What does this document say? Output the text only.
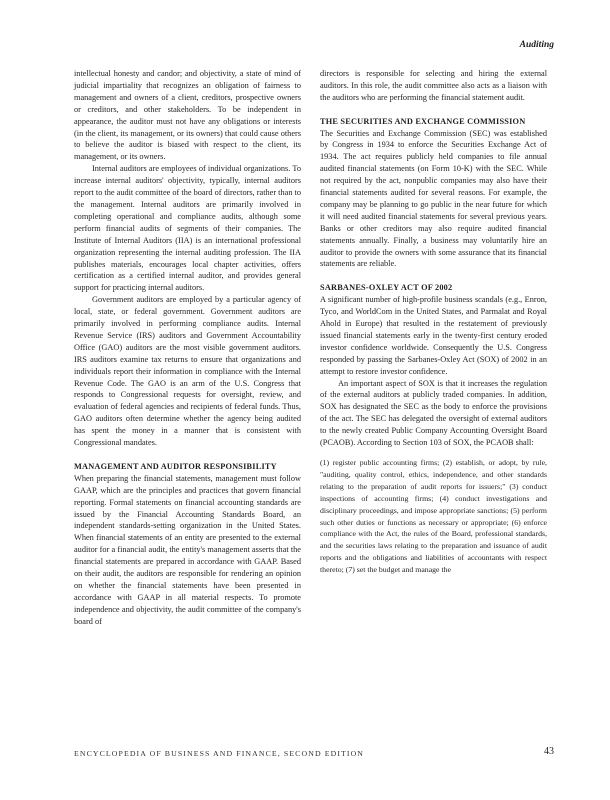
Auditing

intellectual honesty and candor; and objectivity, a state of mind of judicial impartiality that recognizes an obligation of fairness to management and owners of a client, creditors, prospective owners or creditors, and other stakeholders. To be independent in appearance, the auditor must not have any obligations or interests (in the client, its management, or its owners) that could cause others to believe the auditor is biased with respect to the client, its management, or its owners.

Internal auditors are employees of individual organizations. To increase internal auditors' objectivity, typically, internal auditors report to the audit committee of the board of directors, rather than to the management. Internal auditors are primarily involved in completing operational and compliance audits, although some perform financial audits of segments of their companies. The Institute of Internal Auditors (IIA) is an international professional organization representing the internal auditing profession. The IIA publishes materials, encourages local chapter activities, offers certification as a certified internal auditor, and provides general support for practicing internal auditors.

Government auditors are employed by a particular agency of local, state, or federal government. Government auditors are primarily involved in performing compliance audits. Internal Revenue Service (IRS) auditors and Government Accountability Office (GAO) auditors are the most visible government auditors. IRS auditors examine tax returns to ensure that organizations and individuals report their information in compliance with the Internal Revenue Code. The GAO is an arm of the U.S. Congress that responds to Congressional requests for oversight, review, and evaluation of federal agencies and recipients of federal funds. Thus, GAO auditors often determine whether the agency being audited has spent the money in a manner that is consistent with Congressional mandates.

MANAGEMENT AND AUDITOR RESPONSIBILITY

When preparing the financial statements, management must follow GAAP, which are the principles and practices that govern financial reporting. Formal statements on financial accounting standards are issued by the Financial Accounting Standards Board, an independent standards-setting organization in the United States. When financial statements of an entity are presented to the external auditor for a financial audit, the entity's management asserts that the financial statements are prepared in accordance with GAAP. Based on their audit, the auditors are responsible for rendering an opinion on whether the financial statements have been presented in accordance with GAAP in all material respects. To promote independence and objectivity, the audit committee of the company's board of

directors is responsible for selecting and hiring the external auditors. In this role, the audit committee also acts as a liaison with the auditors who are performing the financial statement audit.

THE SECURITIES AND EXCHANGE COMMISSION

The Securities and Exchange Commission (SEC) was established by Congress in 1934 to enforce the Securities Exchange Act of 1934. The act requires publicly held companies to file annual audited financial statements (on Form 10-K) with the SEC. While not required by the act, nonpublic companies may also have their financial statements audited for several reasons. For example, the company may be planning to go public in the near future for which it will need audited financial statements for several previous years. Banks or other creditors may also require audited financial statements annually. Finally, a business may voluntarily hire an auditor to provide the owners with some assurance that its financial statements are reliable.

SARBANES-OXLEY ACT OF 2002

A significant number of high-profile business scandals (e.g., Enron, Tyco, and WorldCom in the United States, and Parmalat and Royal Ahold in Europe) that resulted in the restatement of previously issued financial statements early in the twenty-first century eroded investor confidence worldwide. Consequently the U.S. Congress responded by passing the Sarbanes-Oxley Act (SOX) of 2002 in an attempt to restore investor confidence.

An important aspect of SOX is that it increases the regulation of the external auditors at publicly traded companies. In addition, SOX has designated the SEC as the body to enforce the provisions of the act. The SEC has delegated the oversight of external auditors to the newly created Public Company Accounting Oversight Board (PCAOB). According to Section 103 of SOX, the PCAOB shall:

(1) register public accounting firms; (2) establish, or adopt, by rule, "auditing, quality control, ethics, independence, and other standards relating to the preparation of audit reports for issuers;" (3) conduct inspections of accounting firms; (4) conduct investigations and disciplinary proceedings, and impose appropriate sanctions; (5) perform such other duties or functions as necessary or appropriate; (6) enforce compliance with the Act, the rules of the Board, professional standards, and the securities laws relating to the preparation and issuance of audit reports and the obligations and liabilities of accountants with respect thereto; (7) set the budget and manage the

ENCYCLOPEDIA OF BUSINESS AND FINANCE, SECOND EDITION	43
